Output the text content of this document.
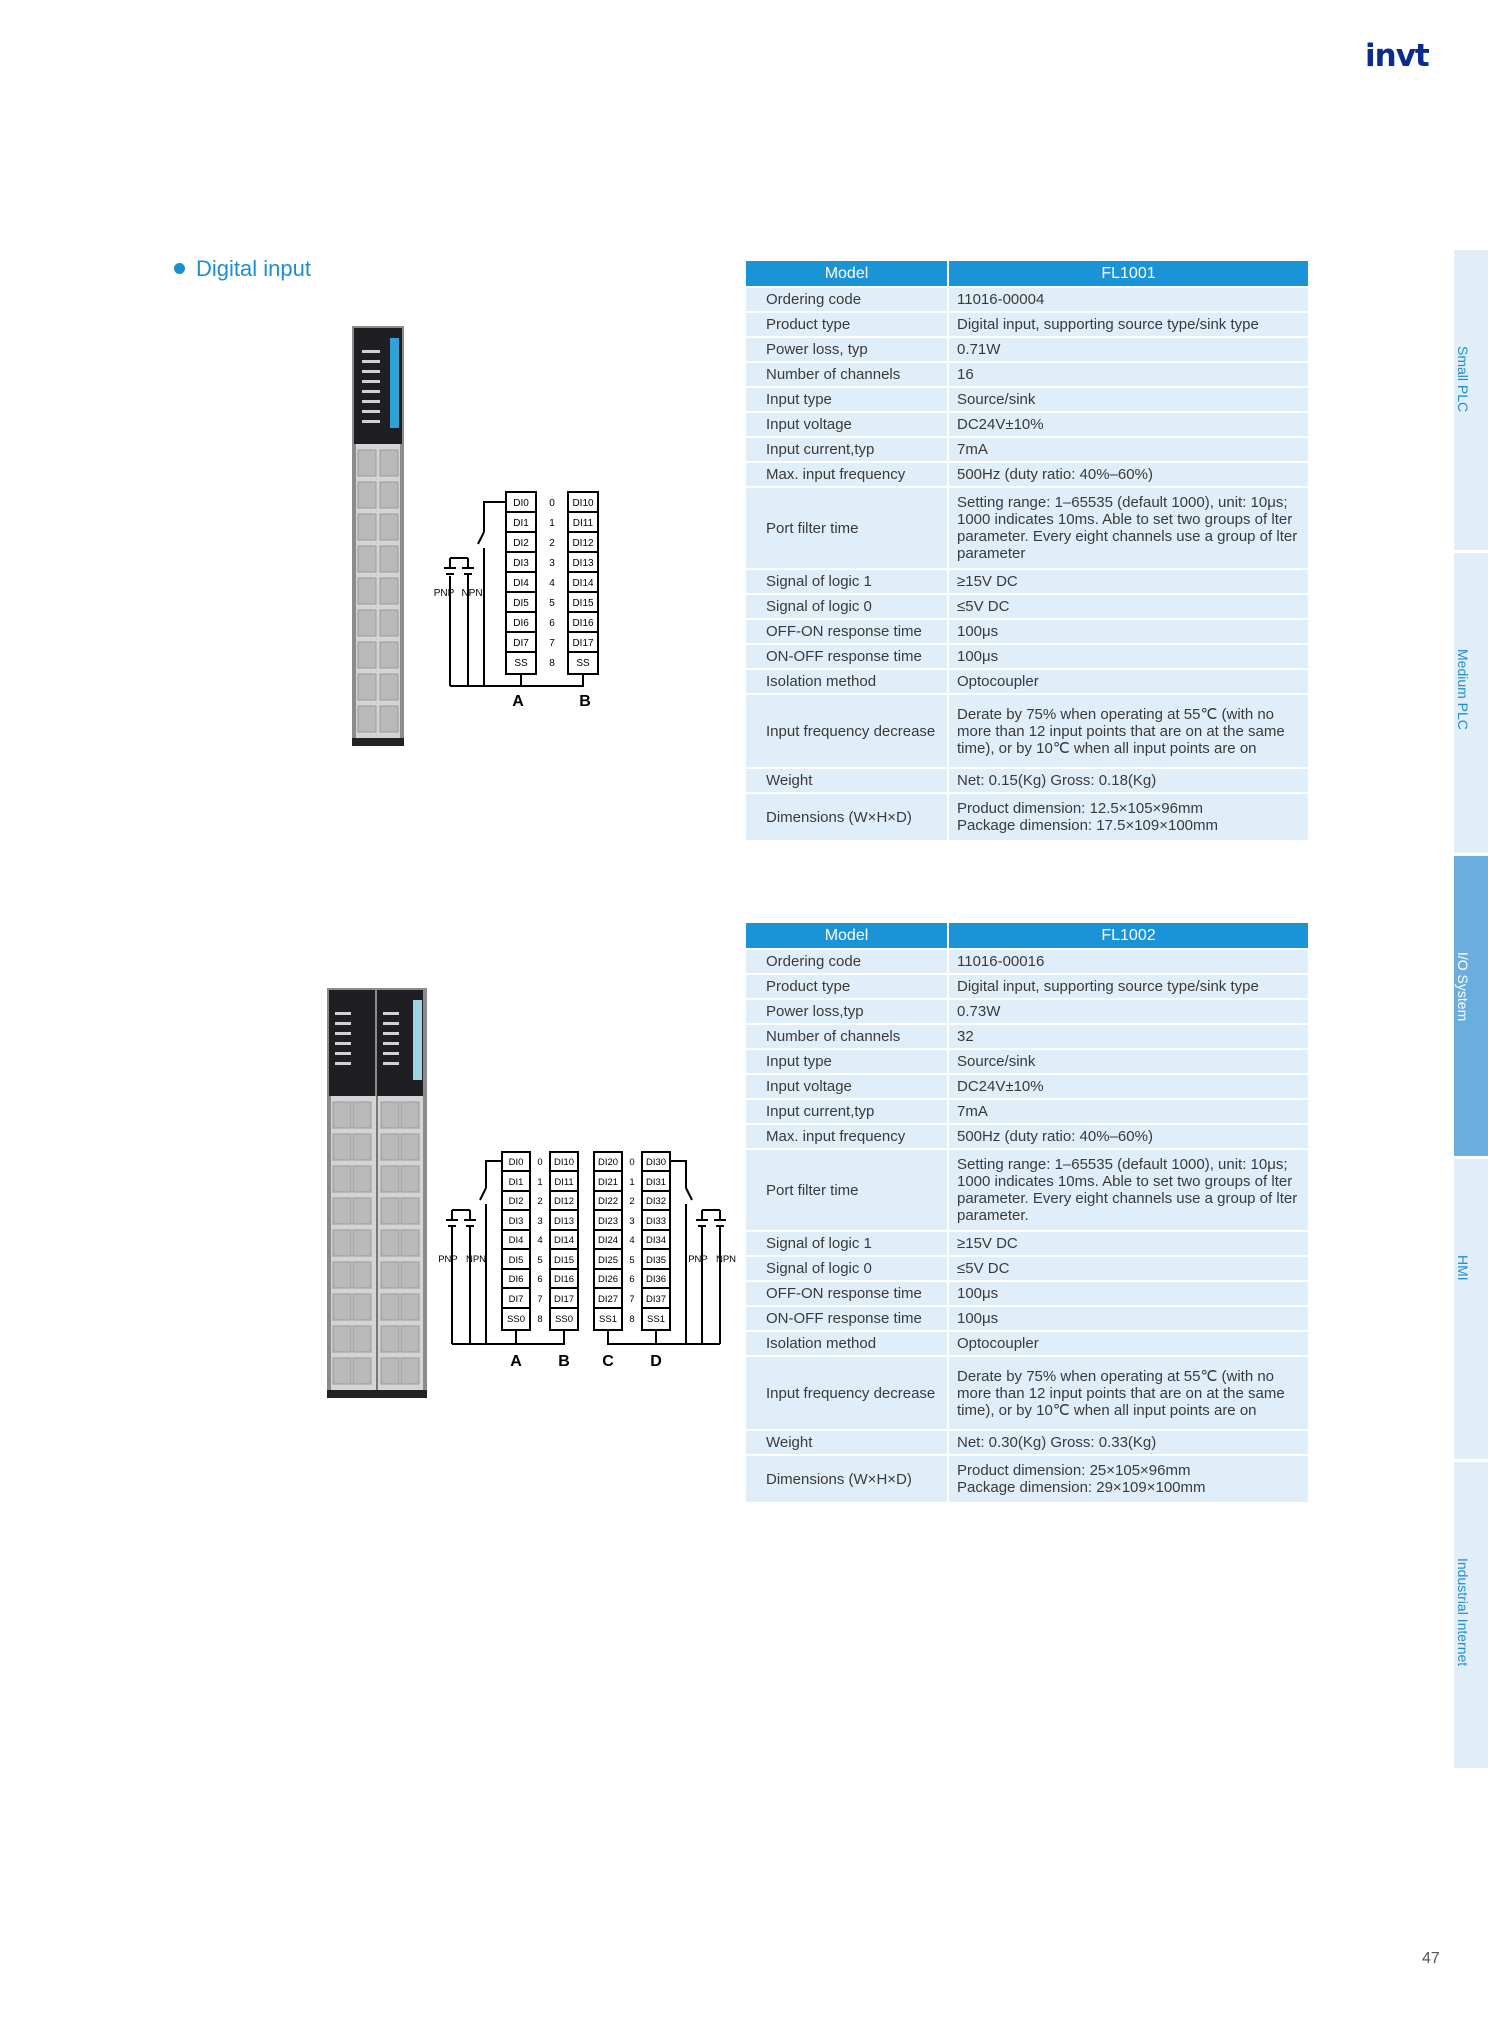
invt
Digital input
DI0
DI1
DI2
DI3
DI4
DI5
DI6
DI7
SS
DI10
DI11
DI12
DI13
DI14
DI15
DI16
DI17
SS
0
1
2
3
4
5
6
7
8
PNP NPN
A	B
Model	FL1001
Ordering code	11016-00004
Product type	Digital input, supporting source type/sink type
Power loss, typ	0.71W
Number of channels	16
Input type	Source/sink
Input voltage	DC24V±10%
Input current,typ	7mA
Max. input frequency	500Hz (duty ratio: 40%–60%)
Port filter time	Setting range: 1–65535 (default 1000), unit: 10μs; 1000 indicates 10ms. Able to set two groups of lter parameter. Every eight channels use a group of lter parameter
Signal of logic 1	≥15V DC
Signal of logic 0	≤5V DC
OFF-ON response time	100μs
ON-OFF response time	100μs
Isolation method	Optocoupler
Input frequency decrease	Derate by 75% when operating at 55℃ (with no more than 12 input points that are on at the same time), or by 10℃ when all input points are on
Weight	Net: 0.15(Kg) Gross: 0.18(Kg)
Dimensions (W×H×D)	Product dimension: 12.5×105×96mm
Package dimension: 17.5×109×100mm
DI0
DI1
DI2
DI3
DI4
DI5
DI6
DI7
SS0
DI10
DI11
DI12
DI13
DI14
DI15
DI16
DI17
SS0
DI20
DI21
DI22
DI23
DI24
DI25
DI26
DI27
SS1
DI30
DI31
DI32
DI33
DI34
DI35
DI36
DI37
SS1
0
1
2
3
4
5
6
7
8
0
1
2
3
4
5
6
7
8
PNP NPN	PNP NPN
A B C D
Model	FL1002
Ordering code	11016-00016
Product type	Digital input, supporting source type/sink type
Power loss,typ	0.73W
Number of channels	32
Input type	Source/sink
Input voltage	DC24V±10%
Input current,typ	7mA
Max. input frequency	500Hz (duty ratio: 40%–60%)
Port filter time	Setting range: 1–65535 (default 1000), unit: 10μs; 1000 indicates 10ms. Able to set two groups of lter parameter. Every eight channels use a group of lter parameter.
Signal of logic 1	≥15V DC
Signal of logic 0	≤5V DC
OFF-ON response time	100μs
ON-OFF response time	100μs
Isolation method	Optocoupler
Input frequency decrease	Derate by 75% when operating at 55℃ (with no more than 12 input points that are on at the same time), or by 10℃ when all input points are on
Weight	Net: 0.30(Kg) Gross: 0.33(Kg)
Dimensions (W×H×D)	Product dimension: 25×105×96mm
Package dimension: 29×109×100mm
Small PLC
Medium PLC
I/O System
HMI
Industrial Internet
47
